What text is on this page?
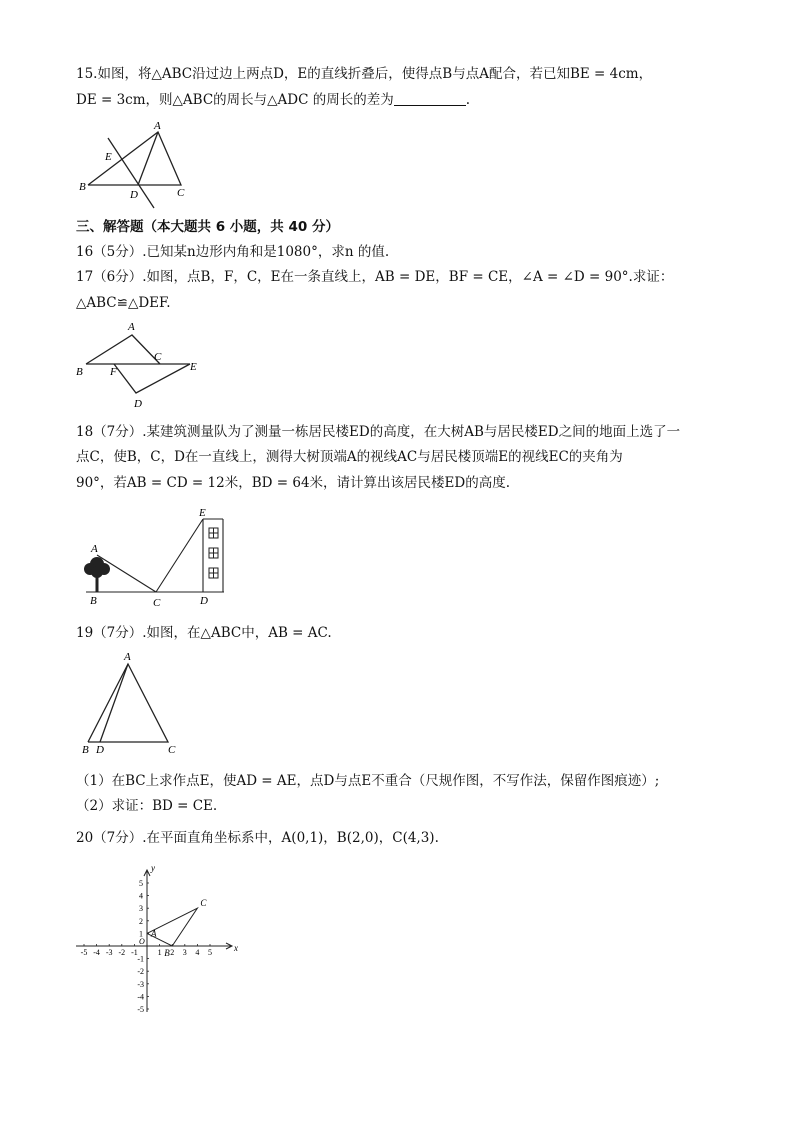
15.如图，将△ABC沿过边上两点D，E的直线折叠后，使得点B与点A配合，若已知BE = 4cm，
DE = 3cm，则△ABC的周长与△ADC 的周长的差为	.
A
B	C
D
E
三、解答题（本大题共 6 小题，共 40 分）
16（5分）.已知某n边形内角和是1080°，求n 的值.
17（6分）.如图，点B，F，C，E在一条直线上，AB = DE，BF = CE，∠A = ∠D = 90°.求证：
△ABC≌△DEF.
A
B
C
D
E
F
18（7分）.某建筑测量队为了测量一栋居民楼ED的高度，在大树AB与居民楼ED之间的地面上选了一
点C，使B，C，D在一直线上，测得大树顶端A的视线AC与居民楼顶端E的视线EC的夹角为
90°，若AB = CD = 12米，BD = 64米，请计算出该居民楼ED的高度.
A
B	C	D
E
19（7分）.如图，在△ABC中，AB = AC.
A
B D	C
（1）在BC上求作点E，使AD = AE，点D与点E不重合（尺规作图，不写作法，保留作图痕迹）;
（2）求证：BD = CE.
20（7分）.在平面直角坐标系中，A(0,1)，B(2,0)，C(4,3).
-5 -4 -3 -2 -1 1 2 3 4 5
1
2
3
4
5
-1
-2
-3
-4
-5
x
y
O
A
B
C
